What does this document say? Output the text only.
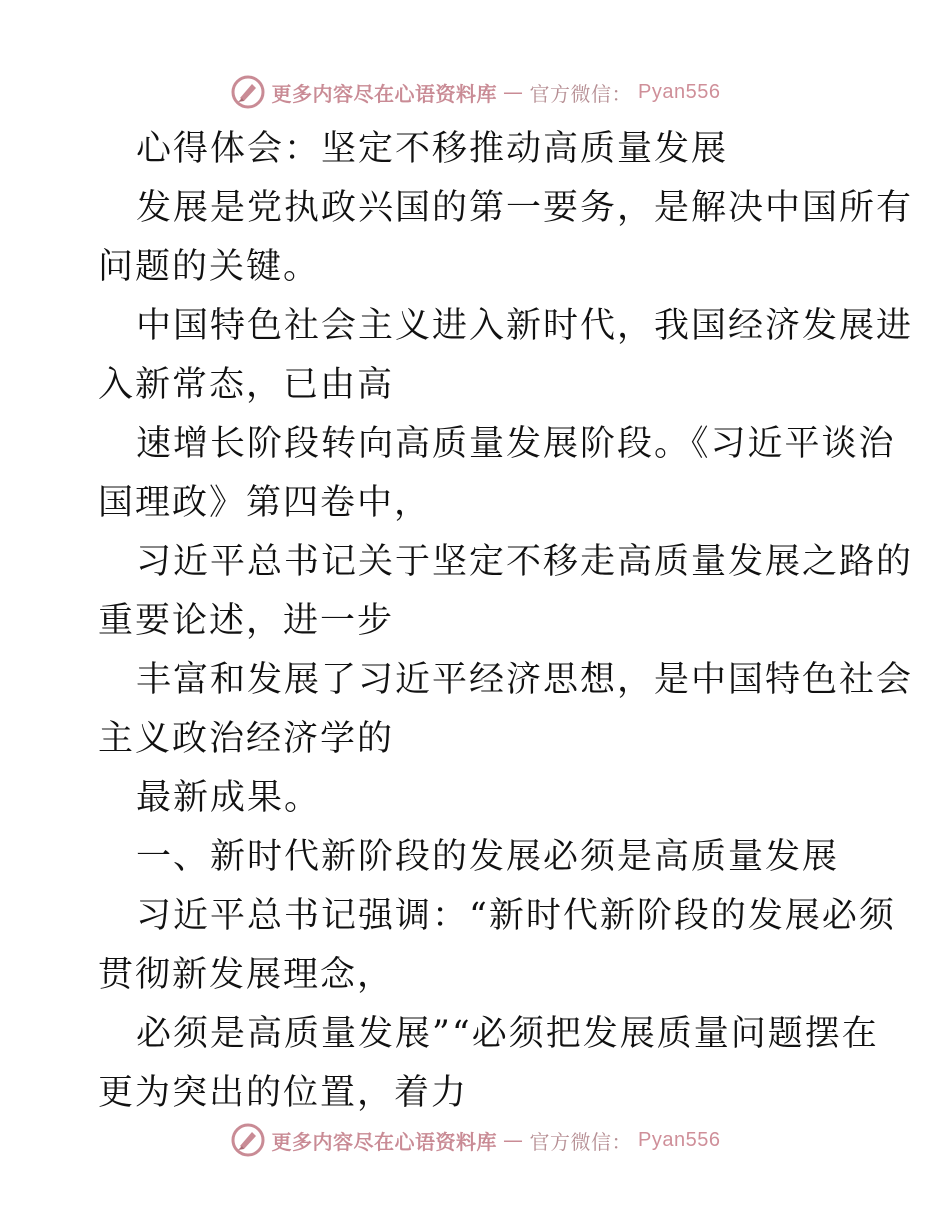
更多内容尽在心语资料库 — 官方微信： Pyan556

心得体会：坚定不移推动高质量发展

发展是党执政兴国的第一要务，是解决中国所有

问题的关键。

中国特色社会主义进入新时代，我国经济发展进

入新常态，已由高

速增长阶段转向高质量发展阶段。《习近平谈治

国理政》第四卷中，

习近平总书记关于坚定不移走高质量发展之路的

重要论述，进一步

丰富和发展了习近平经济思想，是中国特色社会

主义政治经济学的

最新成果。

一、新时代新阶段的发展必须是高质量发展

习近平总书记强调：“新时代新阶段的发展必须

贯彻新发展理念，

必须是高质量发展”“必须把发展质量问题摆在

更为突出的位置，着力

更多内容尽在心语资料库 — 官方微信： Pyan556
